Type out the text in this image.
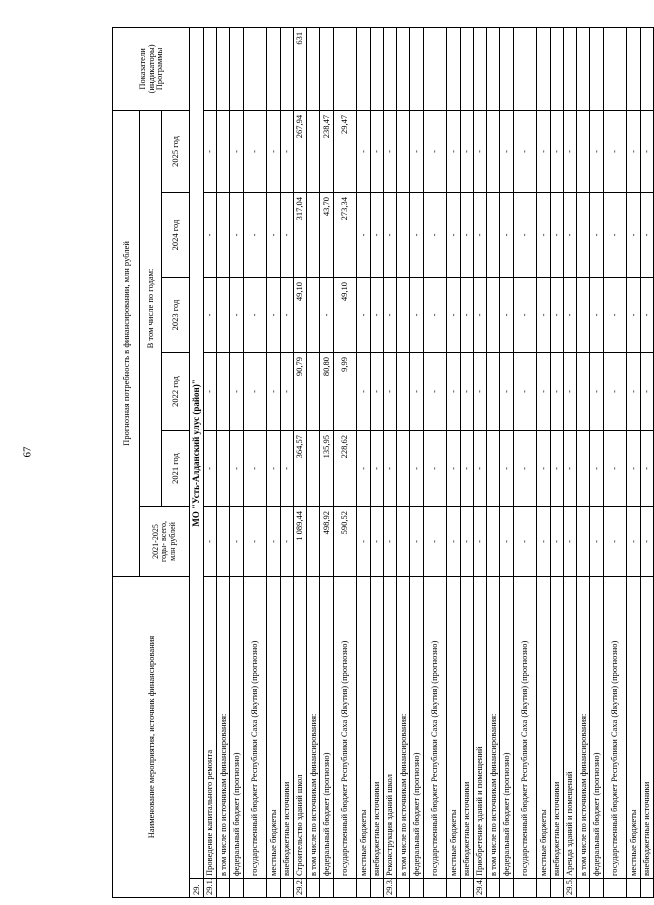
67
Наименование мероприятия, источник финансирования		Прогнозная потребность в финансировании, млн рублей						Показатели (индикаторы) Программы

		2021-2025 годы- всего, млн рублей	В том числе по годам:					
			2021 год	2022 год	2023 год	2024 год	2025 год	
29.	МО "Усть-Алданский улус (район)"							
29.1.	Проведение капитального ремонта	-	-	-	-	-	-	
	в том числе по источникам финансирования:							
	федеральный бюджет (прогнозно)	-	-	-	-	-	-	
	государственный бюджет Республики Саха (Якутия) (прогнозно)	-	-	-	-	-	-	
	местные бюджеты	-	-	-	-	-	-	
	внебюджетные источники	-	-	-	-	-	-	
29.2.	Строительство зданий школ	1 089,44	364,57	90,79	49,10	317,04	267,94	631
	в том числе по источникам финансирования:							
	федеральный бюджет (прогнозно)	498,92	135,95	80,80	-	43,70	238,47	
	государственный бюджет Республики Саха (Якутия) (прогнозно)	590,52	228,62	9,99	49,10	273,34	29,47	
	местные бюджеты	-	-	-	-	-	-	
	внебюджетные источники	-	-	-	-	-	-	
29.3.	Реконструкция зданий школ	-	-	-	-	-	-	
	в том числе по источникам финансирования:							
	федеральный бюджет (прогнозно)	-	-	-	-	-	-	
	государственный бюджет Республики Саха (Якутия) (прогнозно)	-	-	-	-	-	-	
	местные бюджеты	-	-	-	-	-	-	
	внебюджетные источники	-	-	-	-	-	-	
29.4.	Приобретение зданий и помещений	-	-	-	-	-	-	
	в том числе по источникам финансирования:							
	федеральный бюджет (прогнозно)	-	-	-	-	-	-	
	государственный бюджет Республики Саха (Якутия) (прогнозно)	-	-	-	-	-	-	
	местные бюджеты	-	-	-	-	-	-	
	внебюджетные источники	-	-	-	-	-	-	
29.5.	Аренда зданий и помещений	-	-	-	-	-	-	
	в том числе по источникам финансирования:							
	федеральный бюджет (прогнозно)	-	-	-	-	-	-	
	государственный бюджет Республики Саха (Якутия) (прогнозно)	-	-	-	-	-	-	
	местные бюджеты	-	-	-	-	-	-	
	внебюджетные источники	-	-	-	-	-	-	
